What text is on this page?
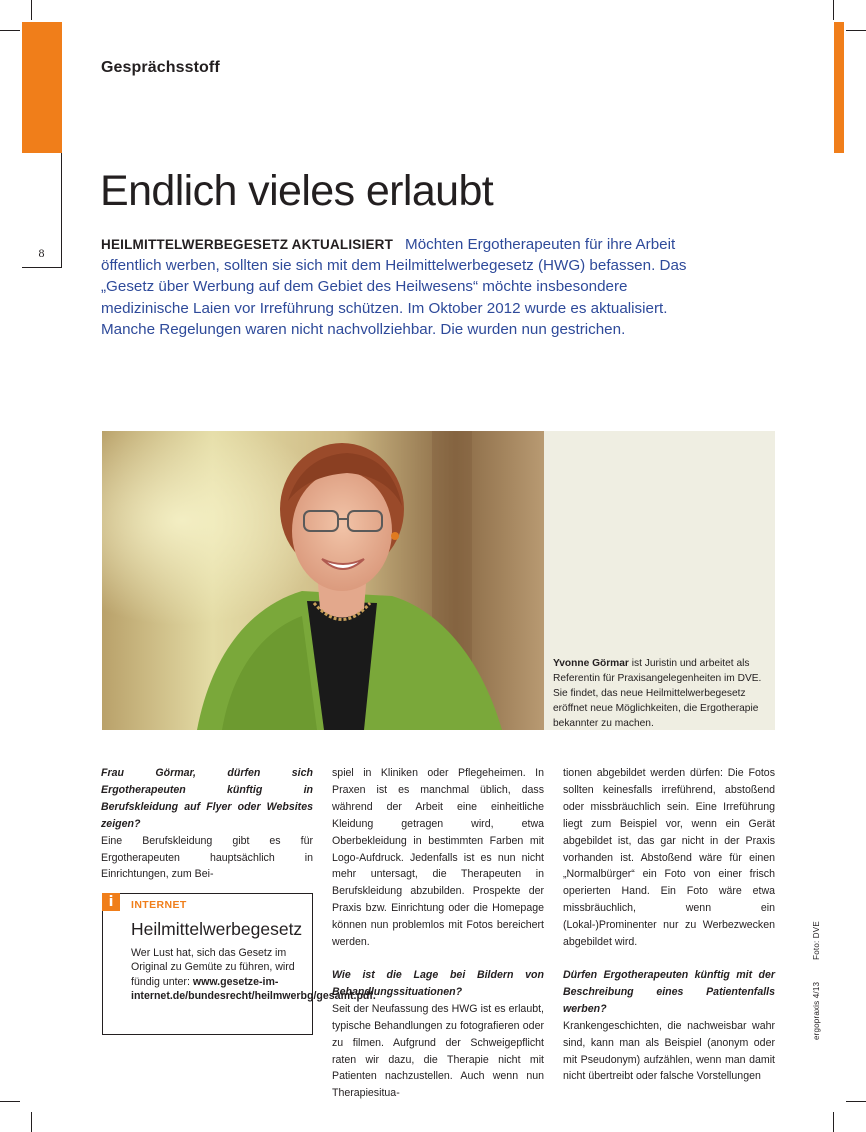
8
Gesprächsstoff
Endlich vieles erlaubt
HEILMITTELWERBEGESETZ AKTUALISIERT Möchten Ergotherapeuten für ihre Arbeit öffentlich werben, sollten sie sich mit dem Heilmittelwerbegesetz (HWG) befassen. Das „Gesetz über Werbung auf dem Gebiet des Heilwesens“ möchte insbesondere medizinische Laien vor Irreführung schützen. Im Oktober 2012 wurde es aktualisiert. Manche Regelungen waren nicht nachvollziehbar. Die wurden nun gestrichen.
Yvonne Görmar ist Juristin und arbeitet als Referentin für Praxisangelegenheiten im DVE. Sie findet, das neue Heilmittelwerbegesetz eröffnet neue Möglichkeiten, die Ergotherapie bekannter zu machen.

Frau Görmar, dürfen sich Ergotherapeuten künftig in Berufskleidung auf Flyer oder Websites zeigen?

Eine Berufskleidung gibt es für Ergotherapeuten hauptsächlich in Einrichtungen, zum Bei-

i	INTERNET
Heilmittelwerbegesetz
Wer Lust hat, sich das Gesetz im Original zu Gemüte zu führen, wird fündig unter: www.gesetze-im-internet.de/bundesrecht/heilmwerbg/gesamt.pdf.

spiel in Kliniken oder Pflegeheimen. In Praxen ist es manchmal üblich, dass während der Arbeit eine einheitliche Kleidung getragen wird, etwa Oberbekleidung in bestimmten Farben mit Logo-Aufdruck. Jedenfalls ist es nun nicht mehr untersagt, die Therapeuten in Berufskleidung abzubilden. Prospekte der Praxis bzw. Einrichtung oder die Homepage können nun problemlos mit Fotos bereichert werden.

Wie ist die Lage bei Bildern von Behandlungssituationen?

Seit der Neufassung des HWG ist es erlaubt, typische Behandlungen zu fotografieren oder zu filmen. Aufgrund der Schweigepflicht raten wir dazu, die Therapie nicht mit Patienten nachzustellen. Auch wenn nun Therapiesitua-

tionen abgebildet werden dürfen: Die Fotos sollten keinesfalls irreführend, abstoßend oder missbräuchlich sein. Eine Irreführung liegt zum Beispiel vor, wenn ein Gerät abgebildet ist, das gar nicht in der Praxis vorhanden ist. Abstoßend wäre für einen „Normalbürger“ ein Foto von einer frisch operierten Hand. Ein Foto wäre etwa missbräuchlich, wenn ein (Lokal-)Prominenter nur zu Werbezwecken abgebildet wird.

Dürfen Ergotherapeuten künftig mit der Beschreibung eines Patientenfalls werben?

Krankengeschichten, die nachweisbar wahr sind, kann man als Beispiel (anonym oder mit Pseudonym) aufzählen, wenn man damit nicht übertreibt oder falsche Vorstellungen

ergopraxis 4/13Foto: DVE
